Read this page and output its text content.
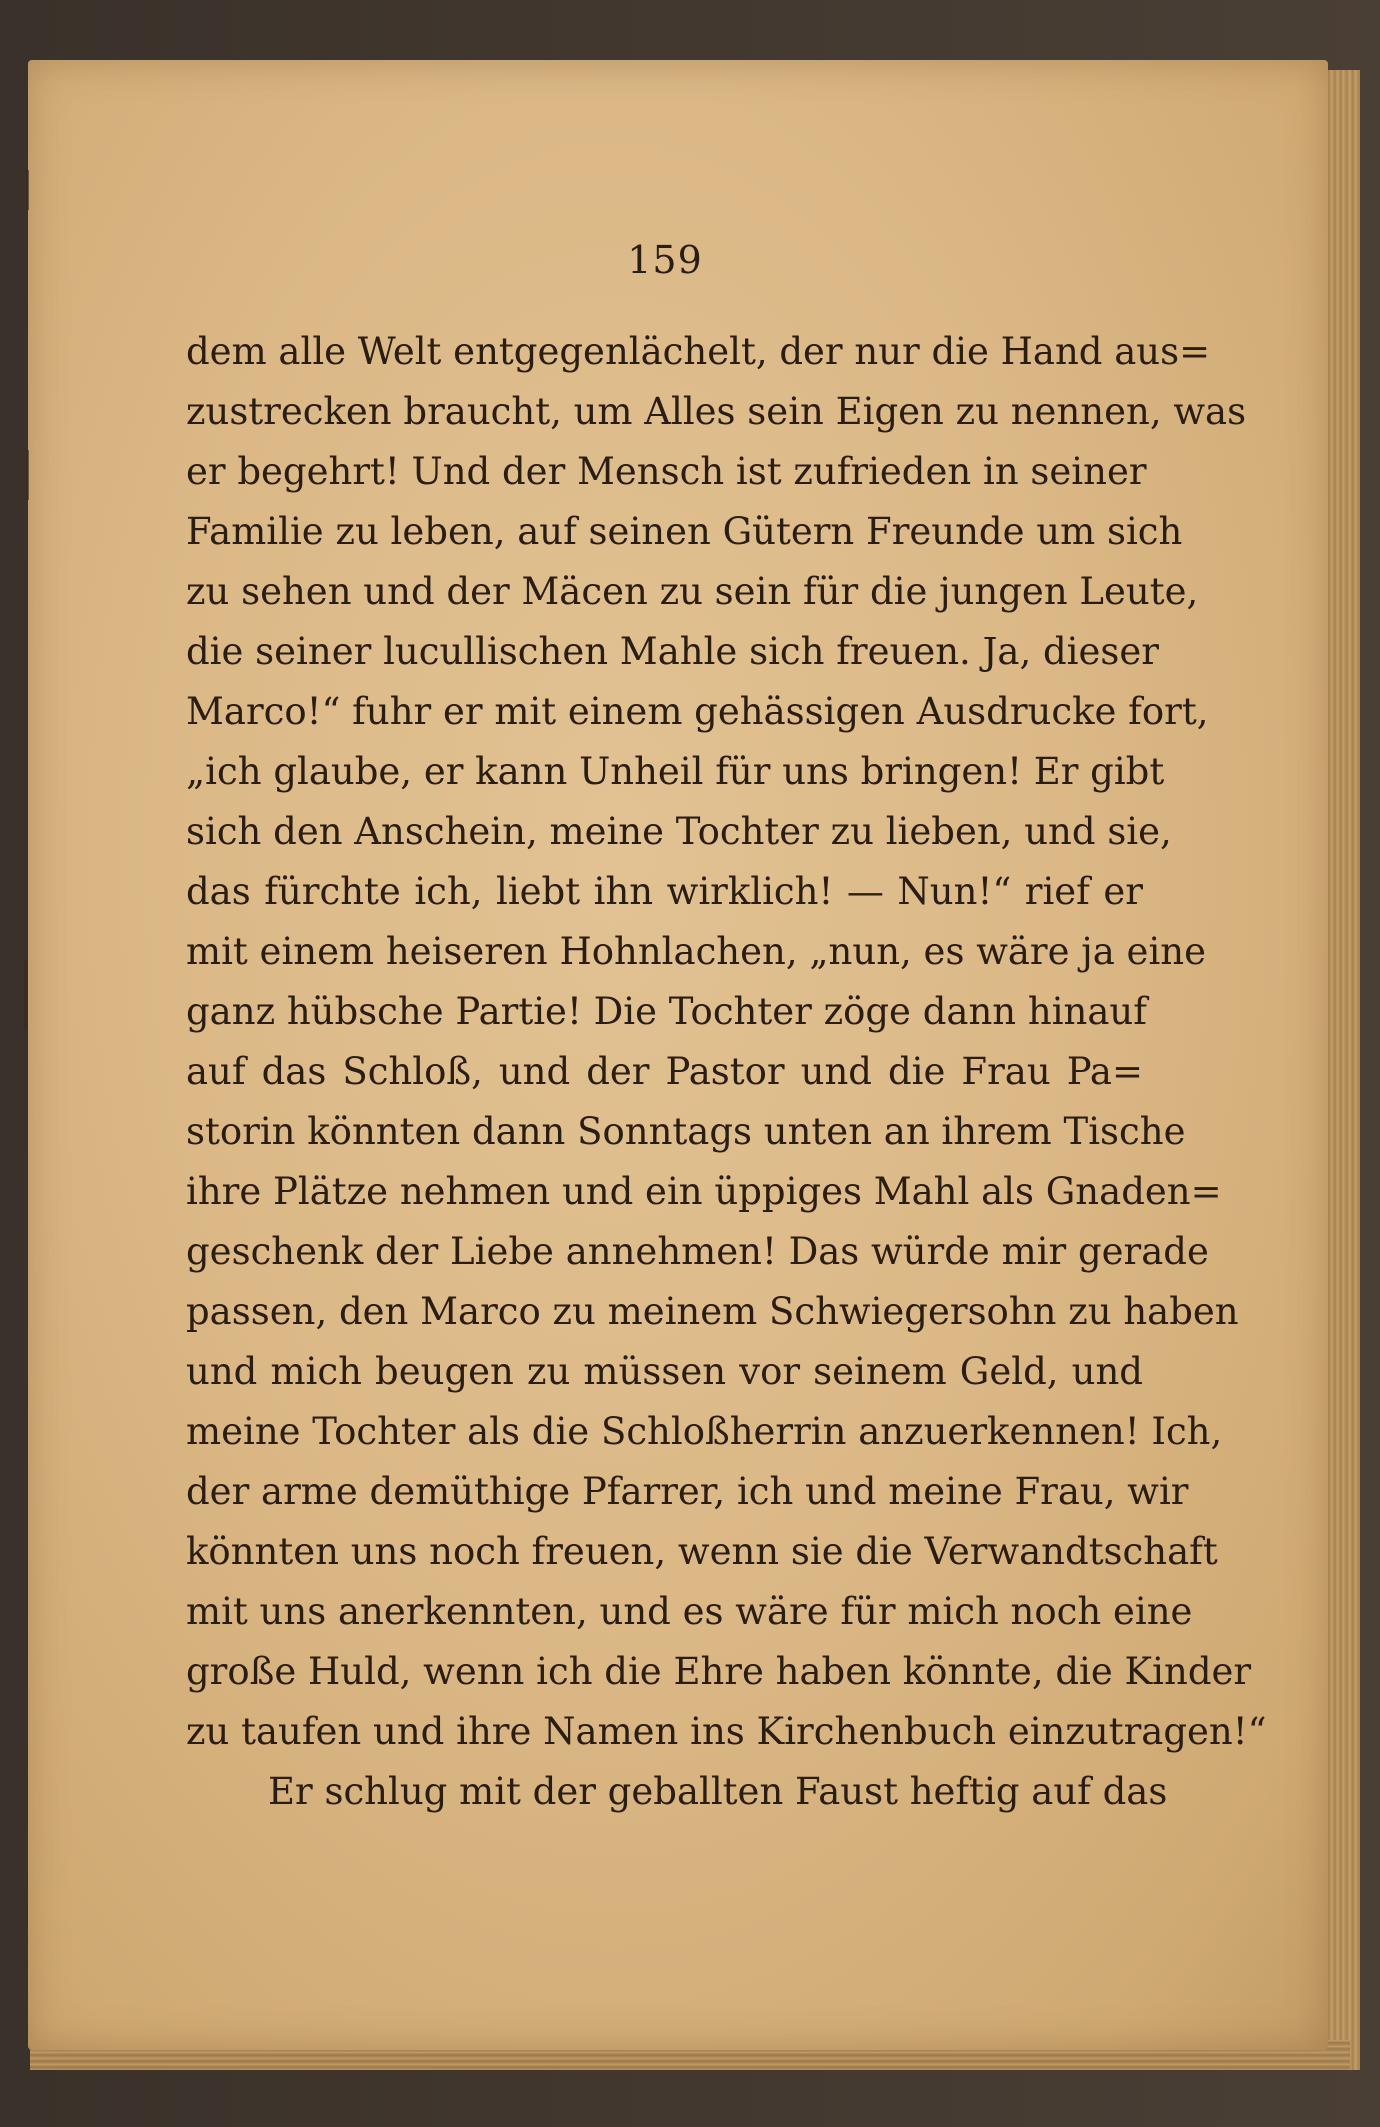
159
dem alle Welt entgegenlächelt, der nur die Hand aus=
zustrecken braucht, um Alles sein Eigen zu nennen, was
er begehrt! Und der Mensch ist zufrieden in seiner
Familie zu leben, auf seinen Gütern Freunde um sich
zu sehen und der Mäcen zu sein für die jungen Leute,
die seiner lucullischen Mahle sich freuen. Ja, dieser
Marco!“ fuhr er mit einem gehässigen Ausdrucke fort,
„ich glaube, er kann Unheil für uns bringen! Er gibt
sich den Anschein, meine Tochter zu lieben, und sie,
das fürchte ich, liebt ihn wirklich! — Nun!“ rief er
mit einem heiseren Hohnlachen, „nun, es wäre ja eine
ganz hübsche Partie! Die Tochter zöge dann hinauf
auf das Schloß, und der Pastor und die Frau Pa=
storin könnten dann Sonntags unten an ihrem Tische
ihre Plätze nehmen und ein üppiges Mahl als Gnaden=
geschenk der Liebe annehmen! Das würde mir gerade
passen, den Marco zu meinem Schwiegersohn zu haben
und mich beugen zu müssen vor seinem Geld, und
meine Tochter als die Schloßherrin anzuerkennen! Ich,
der arme demüthige Pfarrer, ich und meine Frau, wir
könnten uns noch freuen, wenn sie die Verwandtschaft
mit uns anerkennten, und es wäre für mich noch eine
große Huld, wenn ich die Ehre haben könnte, die Kinder
zu taufen und ihre Namen ins Kirchenbuch einzutragen!“
Er schlug mit der geballten Faust heftig auf das
